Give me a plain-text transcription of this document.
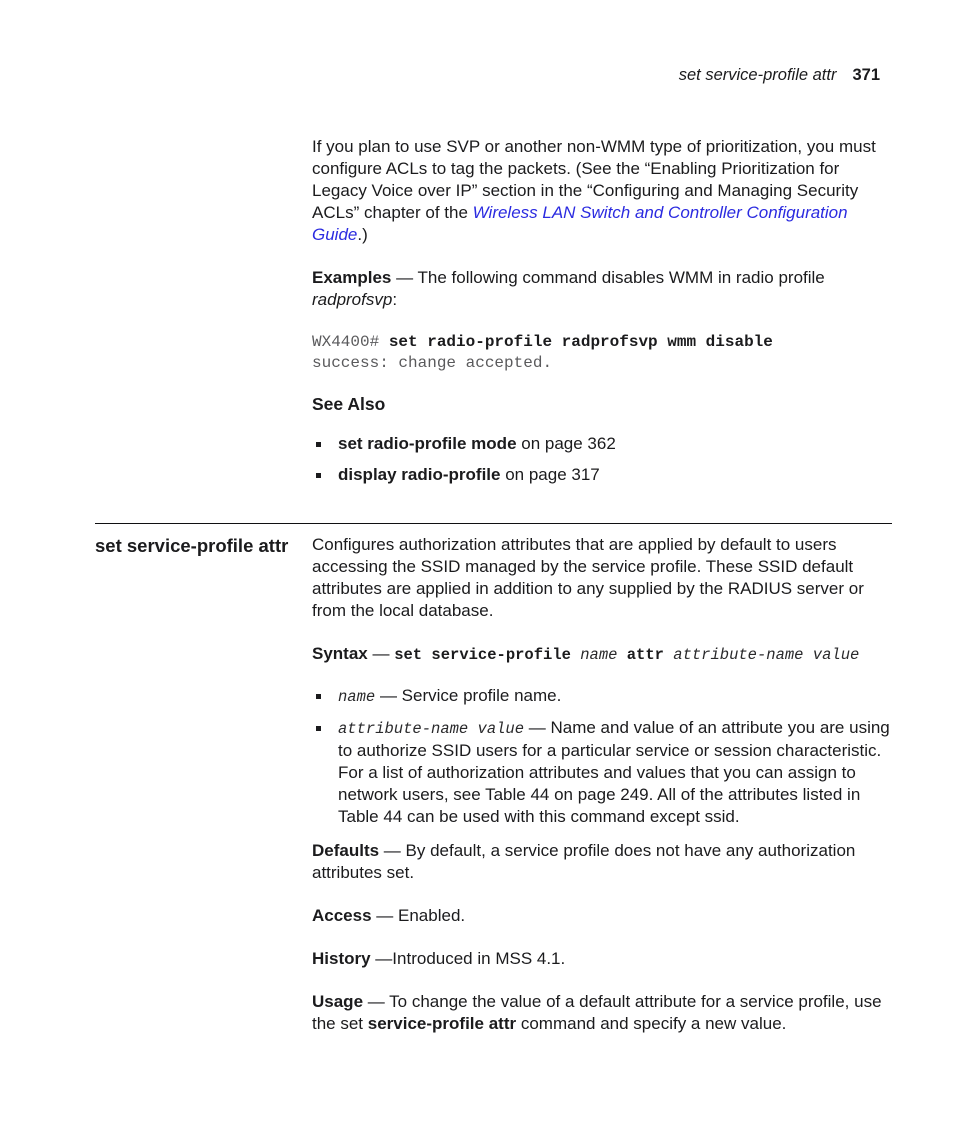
set service-profile attr 371

If you plan to use SVP or another non-WMM type of prioritization, you must configure ACLs to tag the packets. (See the “Enabling Prioritization for Legacy Voice over IP” section in the “Configuring and Managing Security ACLs” chapter of the Wireless LAN Switch and Controller Configuration Guide.)

Examples — The following command disables WMM in radio profile radprofsvp:

WX4400# set radio-profile radprofsvp wmm disable
success: change accepted.
See Also
set radio-profile mode on page 362
display radio-profile on page 317
set service-profile attr	Configures authorization attributes that are applied by default to users accessing the SSID managed by the service profile. These SSID default attributes are applied in addition to any supplied by the RADIUS server or from the local database.

Syntax — set service-profile name attr attribute-name value

name — Service profile name.
attribute-name value — Name and value of an attribute you are using to authorize SSID users for a particular service or session characteristic. For a list of authorization attributes and values that you can assign to network users, see Table 44 on page 249. All of the attributes listed in Table 44 can be used with this command except ssid.

Defaults — By default, a service profile does not have any authorization attributes set.

Access — Enabled.

History —Introduced in MSS 4.1.

Usage — To change the value of a default attribute for a service profile, use the set service-profile attr command and specify a new value.
